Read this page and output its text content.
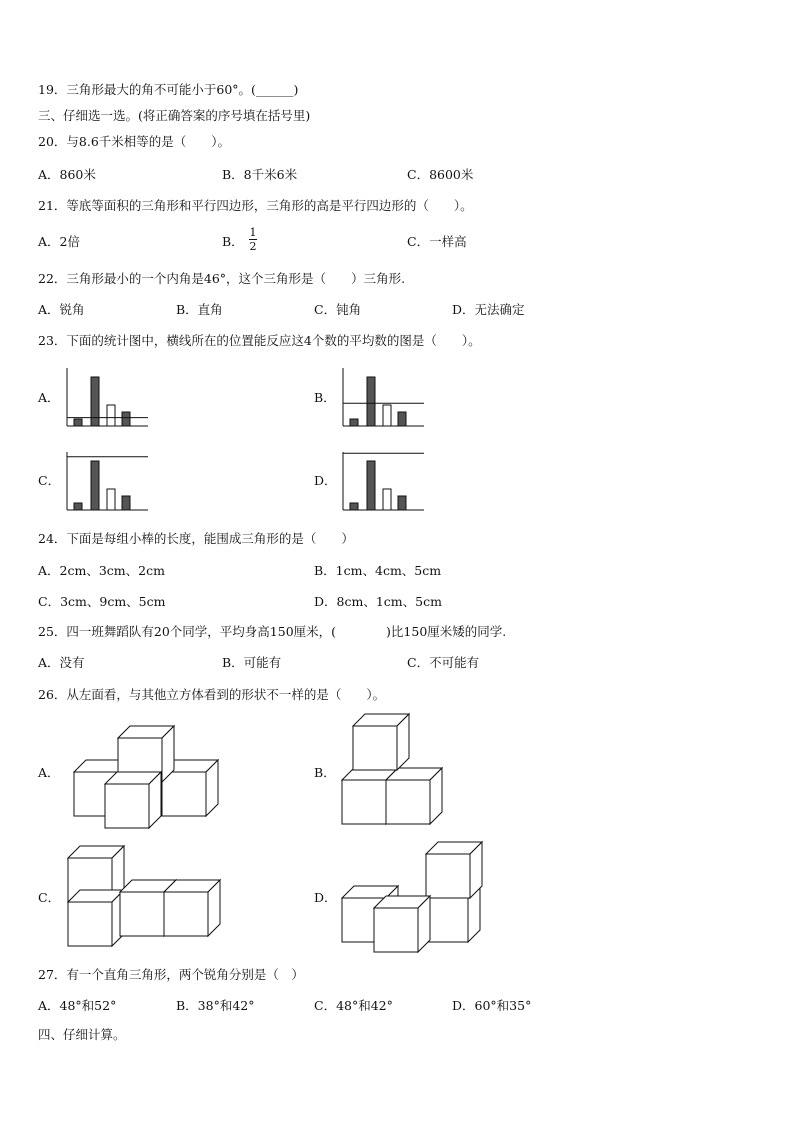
19．三角形最大的角不可能小于60°。(______)
三、仔细选一选。(将正确答案的序号填在括号里)
20．与8.6千米相等的是（　　）。
A．860米	B．8千米6米	C．8600米
21．等底等面积的三角形和平行四边形，三角形的高是平行四边形的（　　）。
A．2倍	B．
1
2	C．一样高
22．三角形最小的一个内角是46°，这个三角形是（　　）三角形.
A．锐角	B．直角	C．钝角	D．无法确定
23．下面的统计图中，横线所在的位置能反应这4个数的平均数的图是（　　）。
A．	B．
C．	D．
24．下面是每组小棒的长度，能围成三角形的是（　　）
A．2cm、3cm、2cm	B．1cm、4cm、5cm
C．3cm、9cm、5cm	D．8cm、1cm、5cm
25．四一班舞蹈队有20个同学，平均身高150厘米，(　　　　)比150厘米矮的同学.
A．没有	B．可能有	C．不可能有
26．从左面看，与其他立方体看到的形状不一样的是（　　）。
A．	B．
C．	D．
27．有一个直角三角形，两个锐角分别是（　）
A．48°和52°	B．38°和42°	C．48°和42°	D．60°和35°
四、仔细计算。
